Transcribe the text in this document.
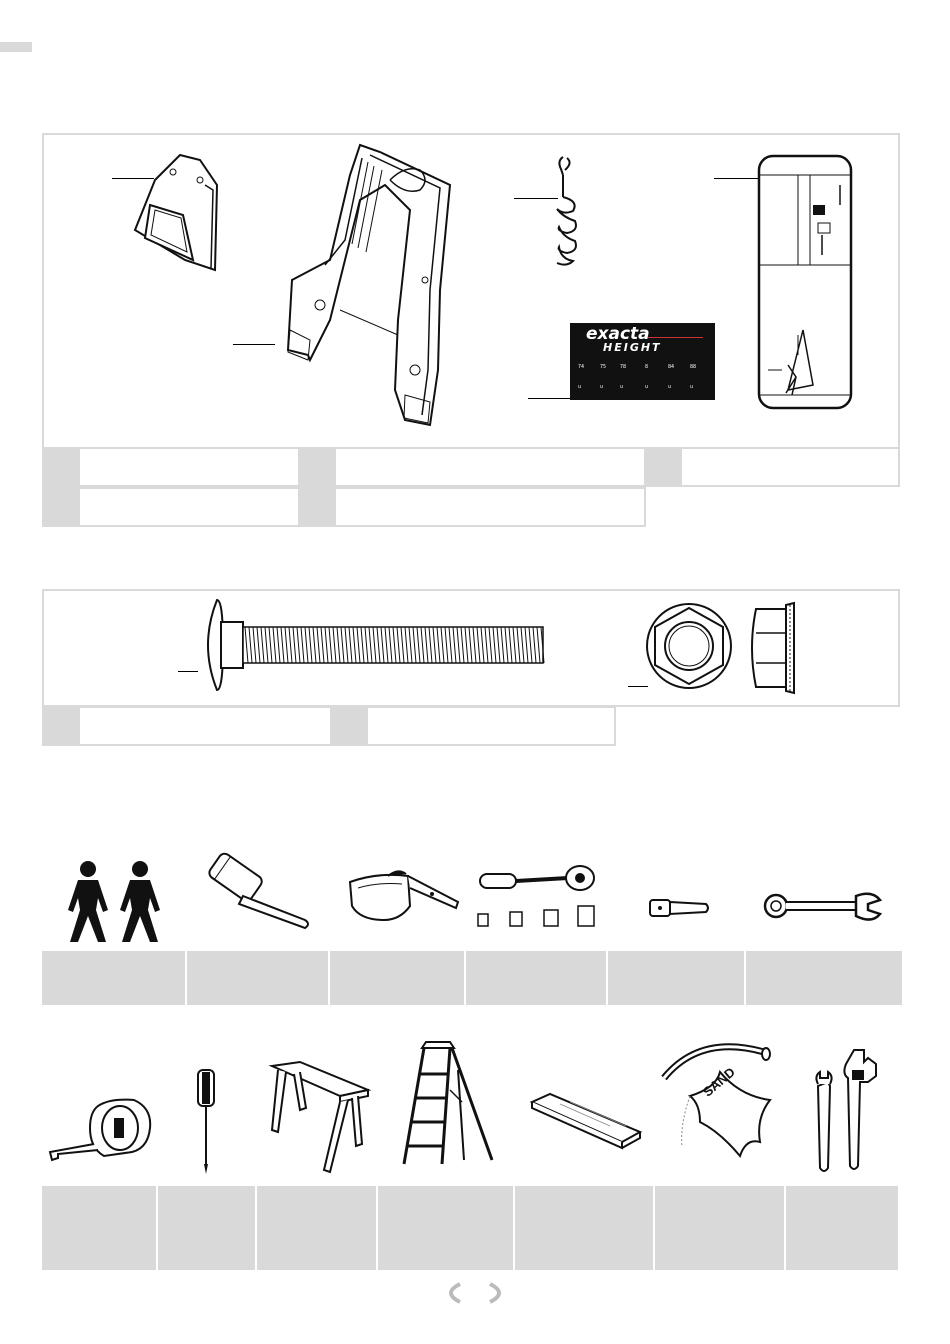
74	75	78	8	84	88
u	u	u	u	u	u
exacta
HEIGHT
SAND
